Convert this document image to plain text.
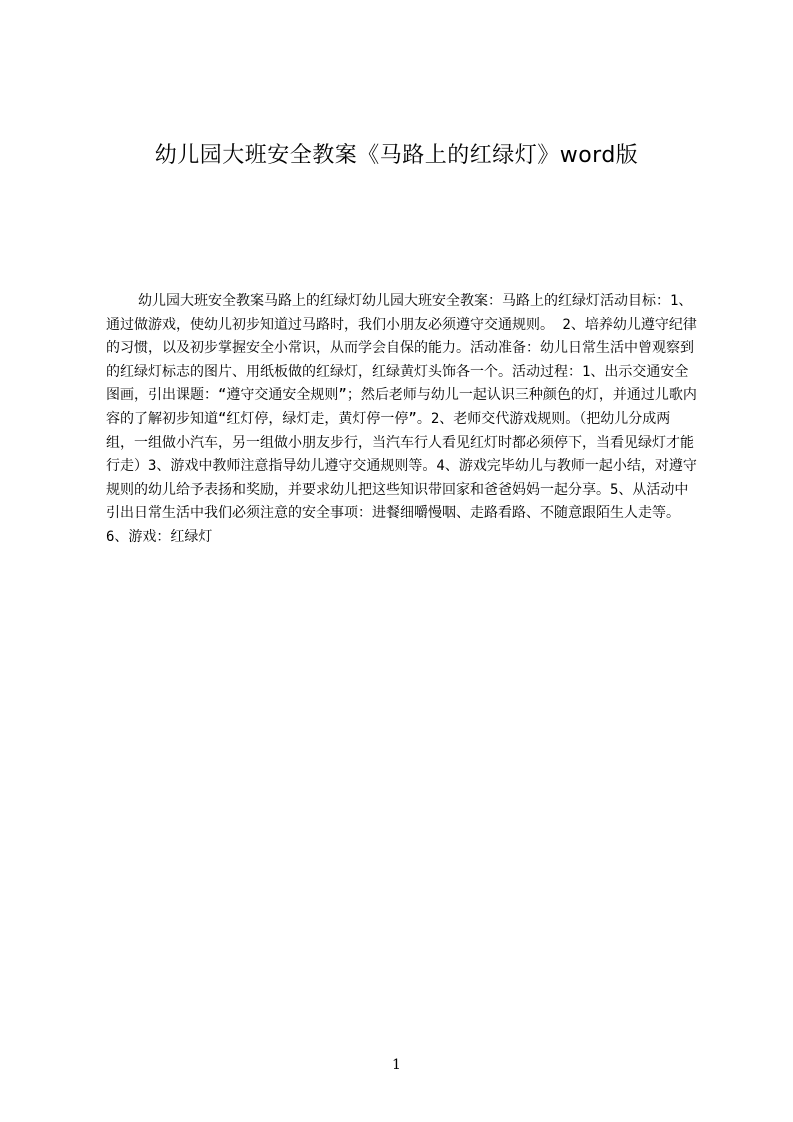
幼儿园大班安全教案《马路上的红绿灯》word版

幼儿园大班安全教案马路上的红绿灯幼儿园大班安全教案：马路上的红绿灯活动目标：1、通过做游戏，使幼儿初步知道过马路时，我们小朋友必须遵守交通规则。 2、培养幼儿遵守纪律的习惯，以及初步掌握安全小常识，从而学会自保的能力。活动准备：幼儿日常生活中曾观察到的红绿灯标志的图片、用纸板做的红绿灯，红绿黄灯头饰各一个。活动过程：1、出示交通安全图画，引出课题：“遵守交通安全规则”；然后老师与幼儿一起认识三种颜色的灯，并通过儿歌内容的了解初步知道“红灯停，绿灯走，黄灯停一停”。2、老师交代游戏规则。（把幼儿分成两组，一组做小汽车，另一组做小朋友步行，当汽车行人看见红灯时都必须停下，当看见绿灯才能行走）3、游戏中教师注意指导幼儿遵守交通规则等。4、游戏完毕幼儿与教师一起小结，对遵守规则的幼儿给予表扬和奖励，并要求幼儿把这些知识带回家和爸爸妈妈一起分享。5、从活动中引出日常生活中我们必须注意的安全事项：进餐细嚼慢咽、走路看路、不随意跟陌生人走等。6、游戏：红绿灯

1
